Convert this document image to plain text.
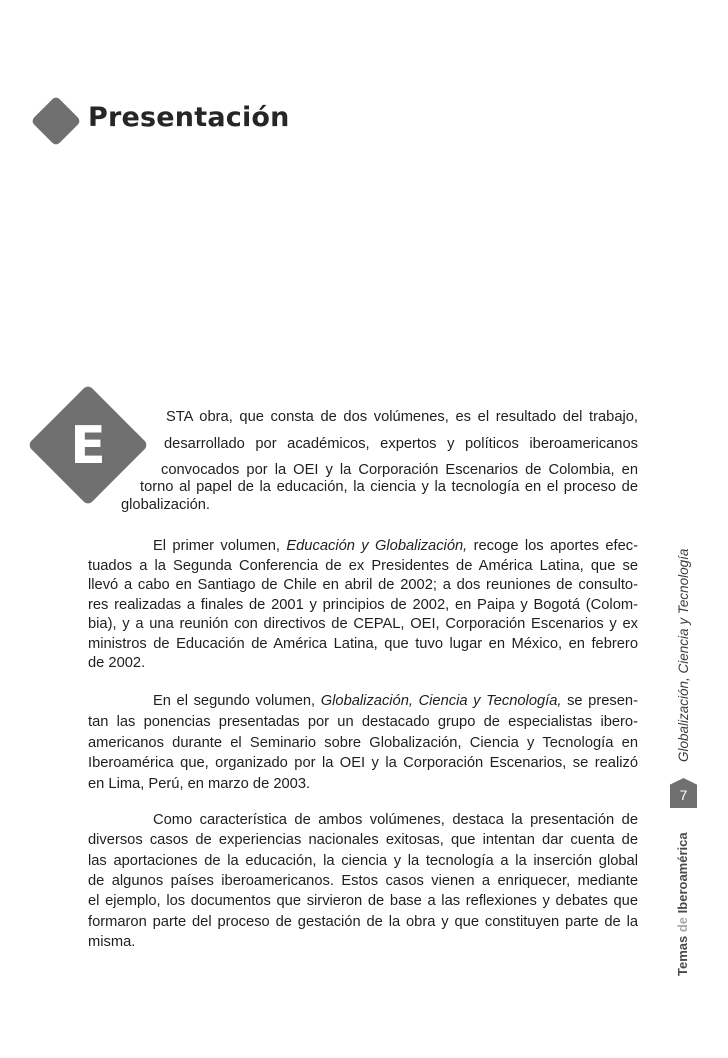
Presentación
E	STA obra, que consta de dos volúmenes, es el resultado del trabajo,
desarrollado por académicos, expertos y políticos iberoamericanos
convocados por la OEI y la Corporación Escenarios de Colombia, en
torno al papel de la educación, la ciencia y la tecnología en el proceso de
globalización.
El primer volumen, Educación y Globalización, recoge los aportes efec-
tuados a la Segunda Conferencia de ex Presidentes de América Latina, que se
llevó a cabo en Santiago de Chile en abril de 2002; a dos reuniones de consulto-
res realizadas a finales de 2001 y principios de 2002, en Paipa y Bogotá (Colom-
bia), y a una reunión con directivos de CEPAL, OEI, Corporación Escenarios y ex
ministros de Educación de América Latina, que tuvo lugar en México, en febrero
de 2002.
En el segundo volumen, Globalización, Ciencia y Tecnología, se presen-
tan las ponencias presentadas por un destacado grupo de especialistas ibero-
americanos durante el Seminario sobre Globalización, Ciencia y Tecnología en
Iberoamérica que, organizado por la OEI y la Corporación Escenarios, se realizó
en Lima, Perú, en marzo de 2003.
Como característica de ambos volúmenes, destaca la presentación de
diversos casos de experiencias nacionales exitosas, que intentan dar cuenta de
las aportaciones de la educación, la ciencia y la tecnología a la inserción global
de algunos países iberoamericanos. Estos casos vienen a enriquecer, mediante
el ejemplo, los documentos que sirvieron de base a las reflexiones y debates que
formaron parte del proceso de gestación de la obra y que constituyen parte de la
misma.	Temas de Iberoamérica
Globalización, Ciencia y Tecnología
7
